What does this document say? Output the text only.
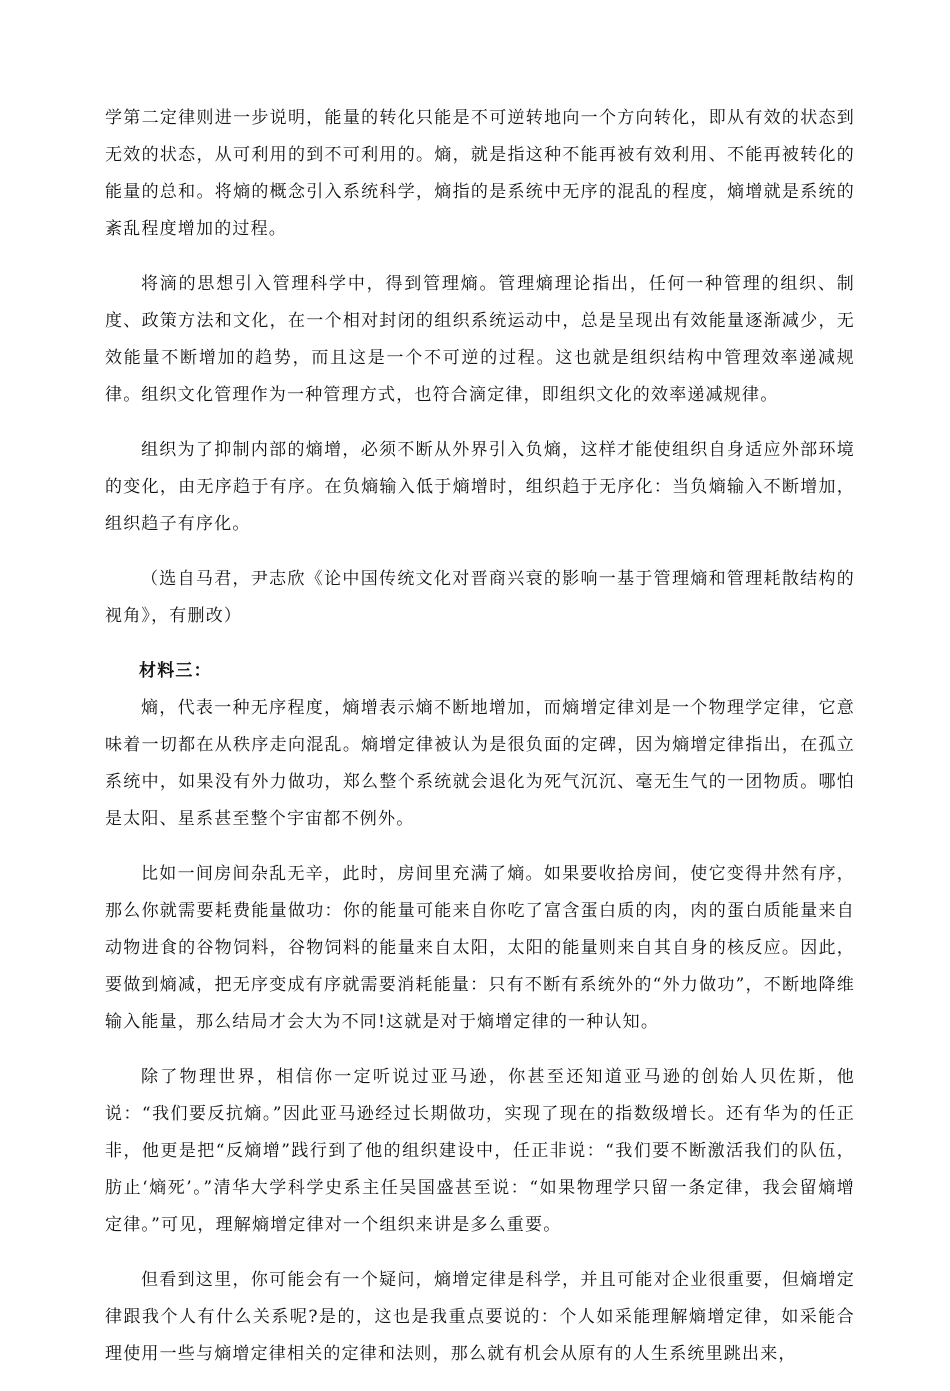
学第二定律则进一步说明，能量的转化只能是不可逆转地向一个方向转化，即从有效的状态到无效的状态，从可利用的到不可利用的。熵，就是指这种不能再被有效利用、不能再被转化的能量的总和。将熵的概念引入系统科学，熵指的是系统中无序的混乱的程度，熵增就是系统的紊乱程度增加的过程。

将滴的思想引入管理科学中，得到管理熵。管理熵理论指出，任何一种管理的组织、制度、政策方法和文化，在一个相对封闭的组织系统运动中，总是呈现出有效能量逐渐减少，无效能量不断增加的趋势，而且这是一个不可逆的过程。这也就是组织结构中管理效率递减规律。组织文化管理作为一种管理方式，也符合滴定律，即组织文化的效率递减规律。

组织为了抑制内部的熵增，必须不断从外界引入负熵，这样才能使组织自身适应外部环境的变化，由无序趋于有序。在负熵输入低于熵增时，组织趋于无序化：当负熵输入不断增加，组织趋子有序化。

（选自马君，尹志欣《论中国传统文化对晋商兴衰的影响一基于管理熵和管理耗散结构的视角》，有删改）

材料三：

熵，代表一种无序程度，熵增表示熵不断地增加，而熵增定律刘是一个物理学定律，它意味着一切都在从秩序走向混乱。熵增定律被认为是很负面的定碑，因为熵增定律指出，在孤立系统中，如果没有外力做功，郑么整个系统就会退化为死气沉沉、毫无生气的一团物质。哪怕是太阳、星系甚至整个宇宙都不例外。

比如一间房间杂乱无辛，此时，房间里充满了熵。如果要收拾房间，使它变得井然有序，那么你就需要耗费能量做功：你的能量可能来自你吃了富含蛋白质的肉，肉的蛋白质能量来自动物进食的谷物饲料，谷物饲料的能量来自太阳，太阳的能量则来自其自身的核反应。因此，要做到熵减，把无序变成有序就需要消耗能量：只有不断有系统外的“外力做功”，不断地降维输入能量，那么结局才会大为不同!这就是对于熵增定律的一种认知。

除了物理世界，相信你一定听说过亚马逊，你甚至还知道亚马逊的创始人贝佐斯，他说：“我们要反抗熵。”因此亚马逊经过长期做功，实现了现在的指数级增长。还有华为的任正非，他更是把“反熵增”践行到了他的组织建设中，任正非说：“我们要不断激活我们的队伍，肪止‘熵死’。”清华大学科学史系主任吴国盛甚至说：“如果物理学只留一条定律，我会留熵增定律。”可见，理解熵增定律对一个组织来讲是多么重要。

但看到这里，你可能会有一个疑问，熵增定律是科学，并且可能对企业很重要，但熵增定律跟我个人有什么关系呢?是的，这也是我重点要说的：个人如采能理解熵增定律，如采能合理使用一些与熵增定律相关的定律和法则，那么就有机会从原有的人生系统里跳出来，
